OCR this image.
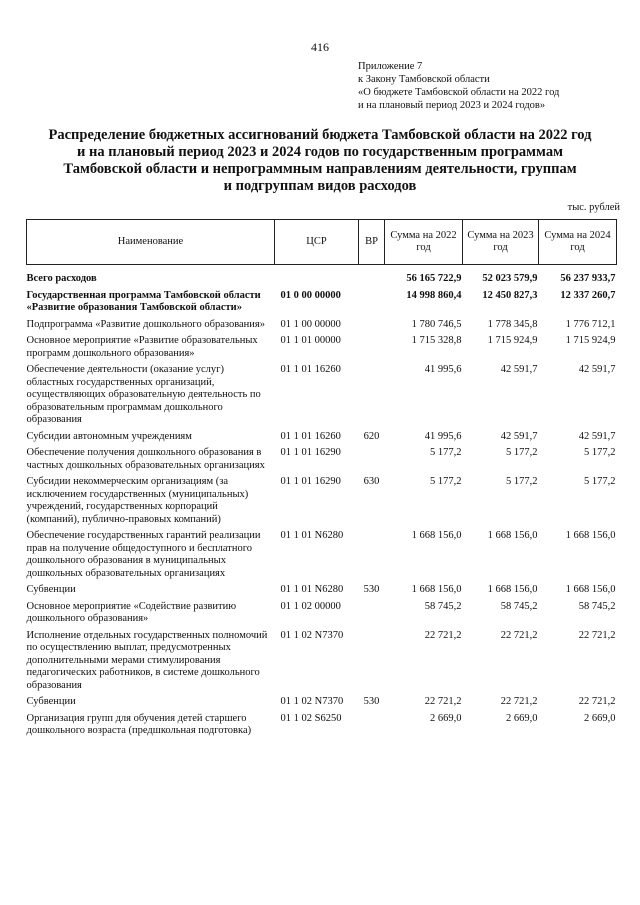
416
Приложение 7
к Закону Тамбовской области
«О бюджете Тамбовской области на 2022 год
и на плановый период 2023 и 2024 годов»
Распределение бюджетных ассигнований бюджета Тамбовской области на 2022 год
и на плановый период 2023 и 2024 годов по государственным программам
Тамбовской области и непрограммным направлениям деятельности, группам
и подгруппам видов расходов
тыс. рублей
Наименование	ЦСР	ВР	Сумма на 2022 год	Сумма на 2023 год	Сумма на 2024 год
Всего расходов			56 165 722,9	52 023 579,9	56 237 933,7
Государственная программа Тамбовской области «Развитие образования Тамбовской области»	01 0 00 00000		14 998 860,4	12 450 827,3	12 337 260,7
Подпрограмма «Развитие дошкольного образования»	01 1 00 00000		1 780 746,5	1 778 345,8	1 776 712,1
Основное мероприятие «Развитие образовательных программ дошкольного образования»	01 1 01 00000		1 715 328,8	1 715 924,9	1 715 924,9
Обеспечение деятельности (оказание услуг) областных государственных организаций, осуществляющих образовательную деятельность по образовательным программам дошкольного образования	01 1 01 16260		41 995,6	42 591,7	42 591,7
Субсидии автономным учреждениям	01 1 01 16260	620	41 995,6	42 591,7	42 591,7
Обеспечение получения дошкольного образования в частных дошкольных образовательных организациях	01 1 01 16290		5 177,2	5 177,2	5 177,2
Субсидии некоммерческим организациям (за исключением государственных (муниципальных) учреждений, государственных корпораций (компаний), публично-правовых компаний)	01 1 01 16290	630	5 177,2	5 177,2	5 177,2
Обеспечение государственных гарантий реализации прав на получение общедоступного и бесплатного дошкольного образования в муниципальных дошкольных образовательных организациях	01 1 01 N6280		1 668 156,0	1 668 156,0	1 668 156,0
Субвенции	01 1 01 N6280	530	1 668 156,0	1 668 156,0	1 668 156,0
Основное мероприятие «Содействие развитию дошкольного образования»	01 1 02 00000		58 745,2	58 745,2	58 745,2
Исполнение отдельных государственных полномочий по осуществлению выплат, предусмотренных дополнительными мерами стимулирования педагогических работников, в системе дошкольного образования	01 1 02 N7370		22 721,2	22 721,2	22 721,2
Субвенции	01 1 02 N7370	530	22 721,2	22 721,2	22 721,2
Организация групп для обучения детей старшего дошкольного возраста (предшкольная подготовка)	01 1 02 S6250		2 669,0	2 669,0	2 669,0
